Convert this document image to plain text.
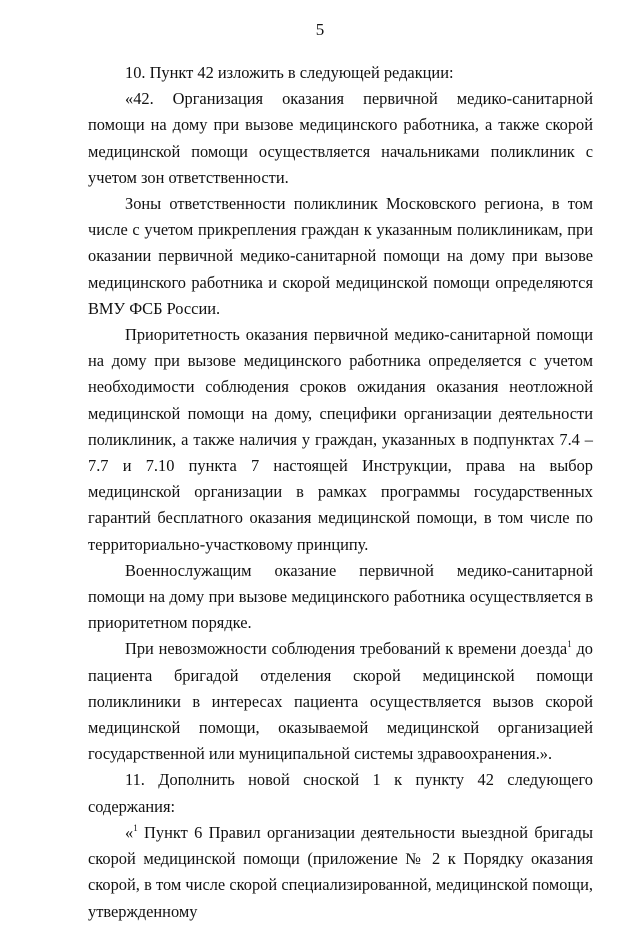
5

10. Пункт 42 изложить в следующей редакции:

«42. Организация оказания первичной медико-санитарной помощи на дому при вызове медицинского работника, а также скорой медицинской помощи осуществляется начальниками поликлиник с учетом зон ответственности.

Зоны ответственности поликлиник Московского региона, в том числе с учетом прикрепления граждан к указанным поликлиникам, при оказании первичной медико-санитарной помощи на дому при вызове медицинского работника и скорой медицинской помощи определяются ВМУ ФСБ России.

Приоритетность оказания первичной медико-санитарной помощи на дому при вызове медицинского работника определяется с учетом необходимости соблюдения сроков ожидания оказания неотложной медицинской помощи на дому, специфики организации деятельности поликлиник, а также наличия у граждан, указанных в подпунктах 7.4 – 7.7 и 7.10 пункта 7 настоящей Инструкции, права на выбор медицинской организации в рамках программы государственных гарантий бесплатного оказания медицинской помощи, в том числе по территориально-участковому принципу.

Военнослужащим оказание первичной медико-санитарной помощи на дому при вызове медицинского работника осуществляется в приоритетном порядке.

При невозможности соблюдения требований к времени доезда$^1$ до пациента бригадой отделения скорой медицинской помощи поликлиники в интересах пациента осуществляется вызов скорой медицинской помощи, оказываемой медицинской организацией государственной или муниципальной системы здравоохранения.».

11. Дополнить новой сноской 1 к пункту 42 следующего содержания:

«$^1$ Пункт 6 Правил организации деятельности выездной бригады скорой медицинской помощи (приложение № 2 к Порядку оказания скорой, в том числе скорой специализированной, медицинской помощи, утвержденному
